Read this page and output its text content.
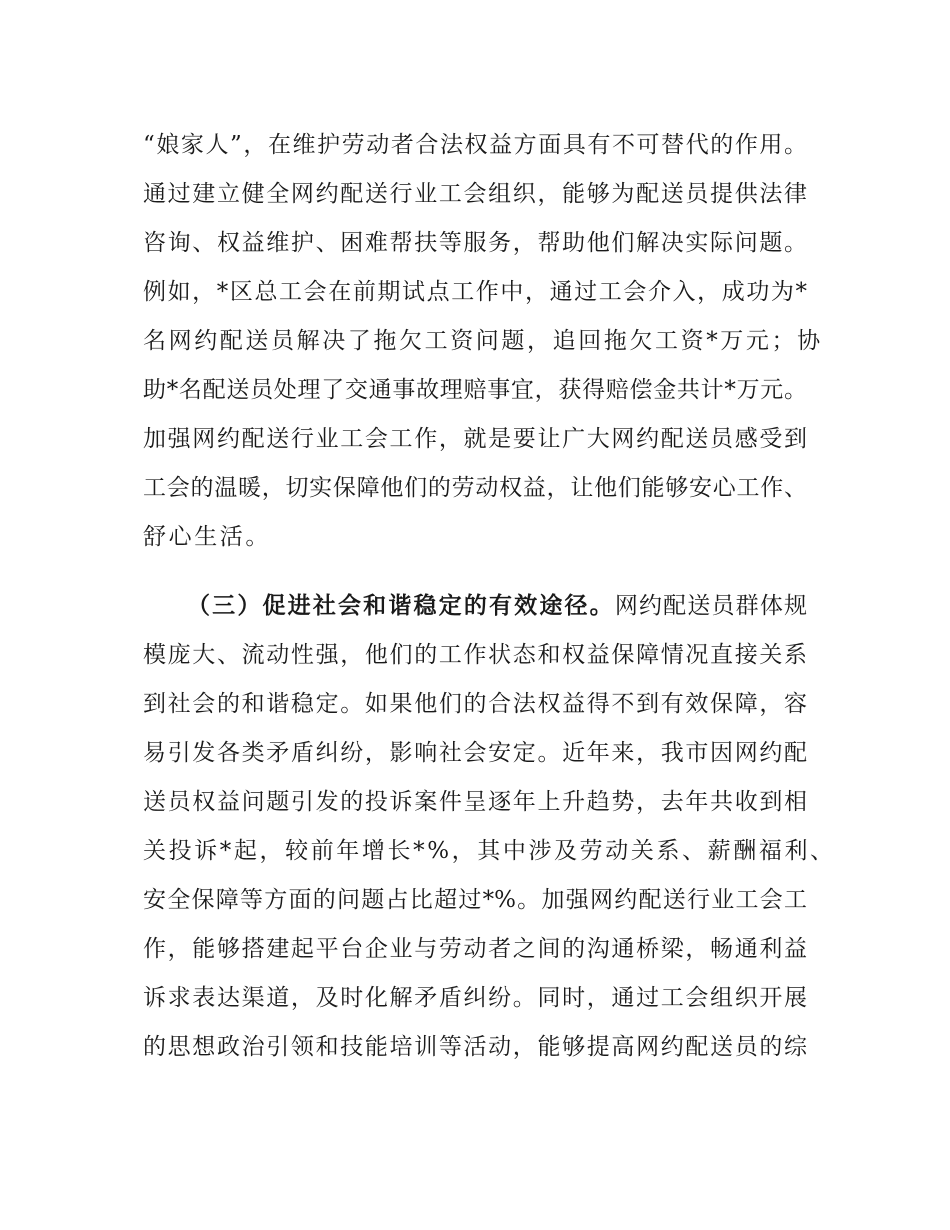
“娘家人”，在维护劳动者合法权益方面具有不可替代的作用。

通过建立健全网约配送行业工会组织，能够为配送员提供法律

咨询、权益维护、困难帮扶等服务，帮助他们解决实际问题。

例如，*区总工会在前期试点工作中，通过工会介入，成功为*

名网约配送员解决了拖欠工资问题，追回拖欠工资*万元；协

助*名配送员处理了交通事故理赔事宜，获得赔偿金共计*万元。

加强网约配送行业工会工作，就是要让广大网约配送员感受到

工会的温暖，切实保障他们的劳动权益，让他们能够安心工作、

舒心生活。

（三）促进社会和谐稳定的有效途径。网约配送员群体规

模庞大、流动性强，他们的工作状态和权益保障情况直接关系

到社会的和谐稳定。如果他们的合法权益得不到有效保障，容

易引发各类矛盾纠纷，影响社会安定。近年来，我市因网约配

送员权益问题引发的投诉案件呈逐年上升趋势，去年共收到相

关投诉*起，较前年增长*%，其中涉及劳动关系、薪酬福利、

安全保障等方面的问题占比超过*%。加强网约配送行业工会工

作，能够搭建起平台企业与劳动者之间的沟通桥梁，畅通利益

诉求表达渠道，及时化解矛盾纠纷。同时，通过工会组织开展

的思想政治引领和技能培训等活动，能够提高网约配送员的综
